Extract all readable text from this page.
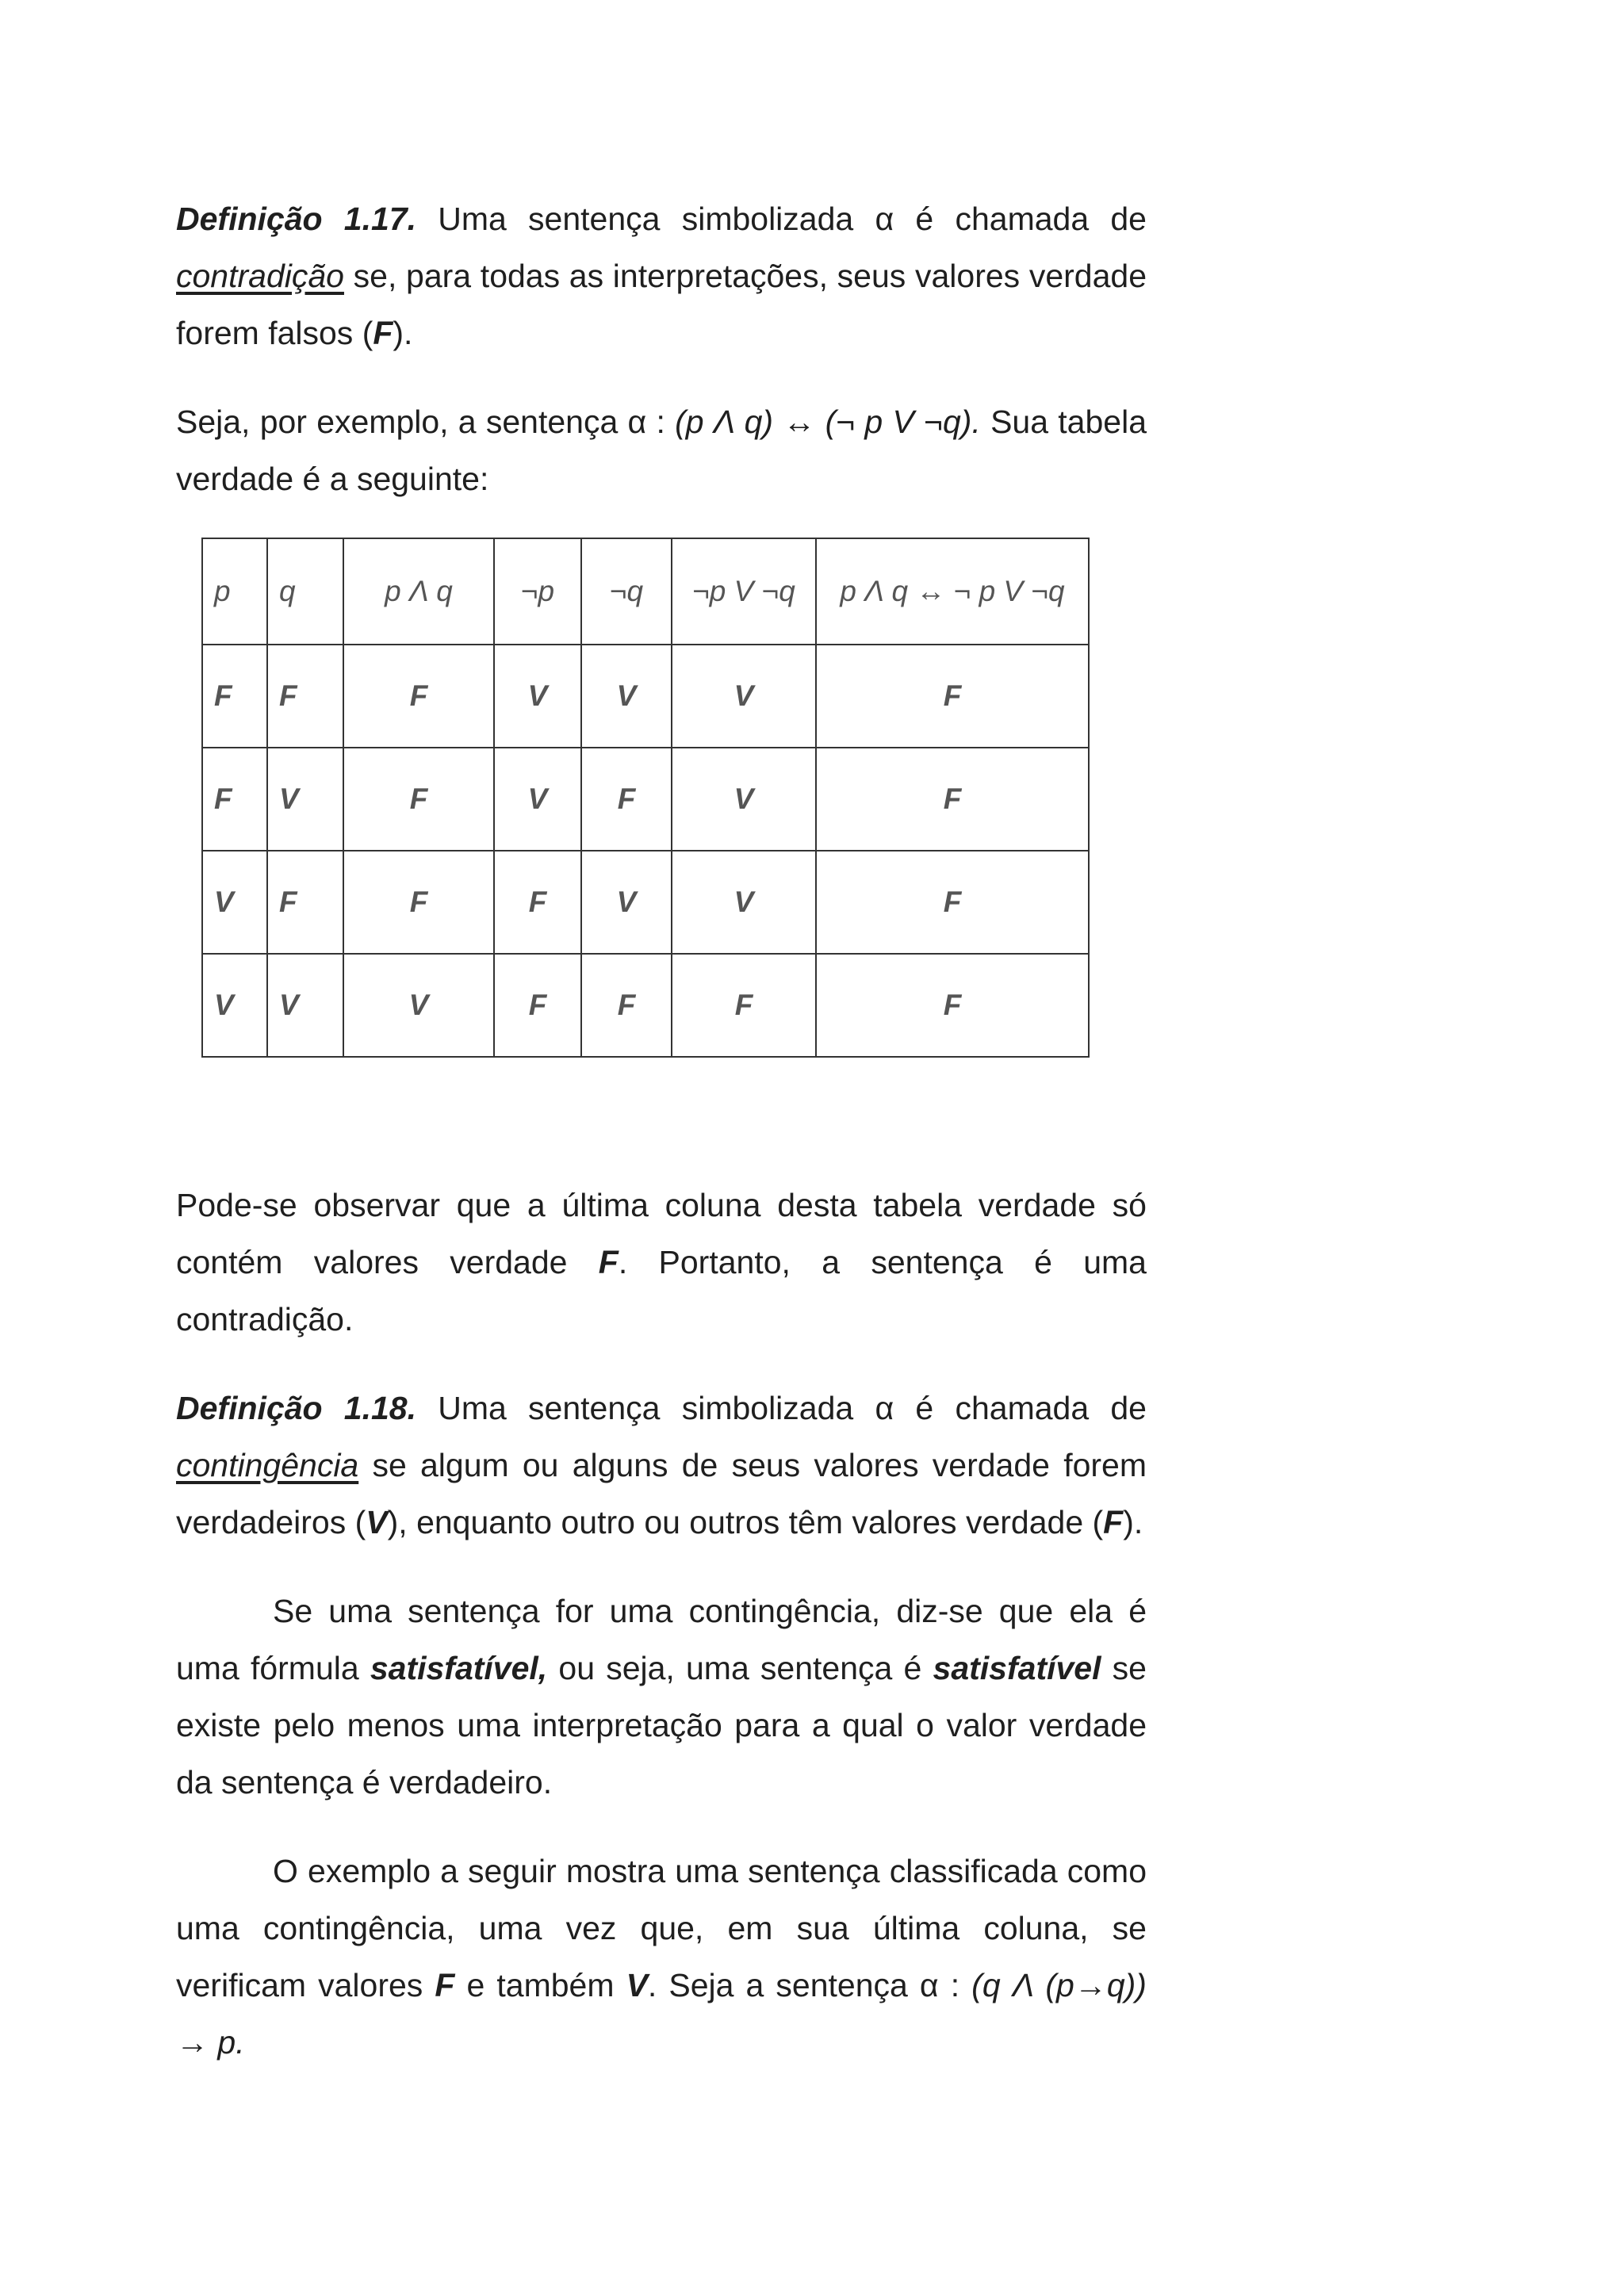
Definição 1.17. Uma sentença simbolizada α é chamada de contradição se, para todas as interpretações, seus valores verdade forem falsos (F).

Seja, por exemplo, a sentença α : (p Λ q) ↔ (¬ p V ¬q). Sua tabela verdade é a seguinte:

p	q	p Λ q	¬p	¬q	¬p V ¬q	p Λ q ↔ ¬ p V ¬q
F	F	F	V	V	V	F
F	V	F	V	F	V	F
V	F	F	F	V	V	F
V	V	V	F	F	F	F

Pode-se observar que a última coluna desta tabela verdade só contém valores verdade F. Portanto, a sentença é uma contradição.

Definição 1.18. Uma sentença simbolizada α é chamada de contingência se algum ou alguns de seus valores verdade forem verdadeiros (V), enquanto outro ou outros têm valores verdade (F).

Se uma sentença for uma contingência, diz-se que ela é uma fórmula satisfatível, ou seja, uma sentença é satisfatível se existe pelo menos uma interpretação para a qual o valor verdade da sentença é verdadeiro.

O exemplo a seguir mostra uma sentença classificada como uma contingência, uma vez que, em sua última coluna, se verificam valores F e também V. Seja a sentença α : (q Λ (p→q)) → p.
